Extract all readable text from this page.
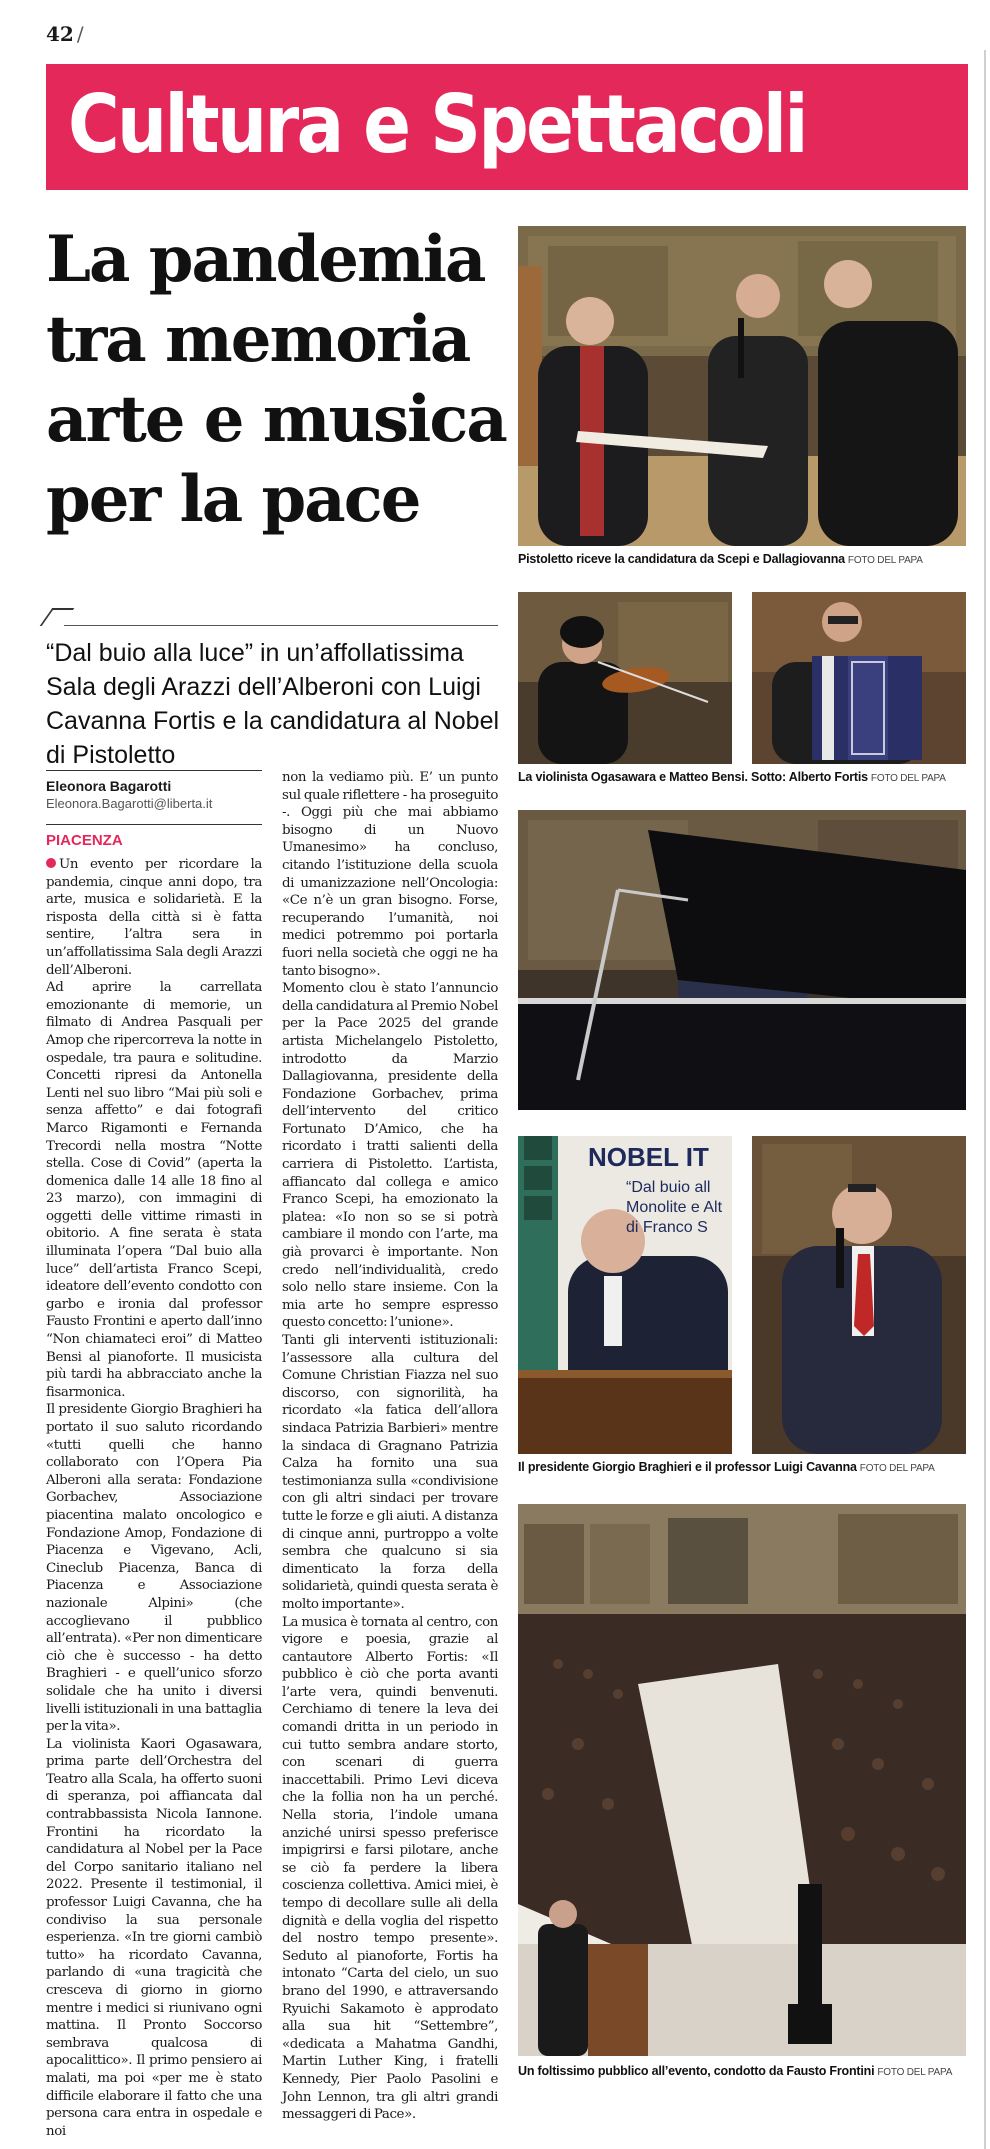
42 /
Cultura e Spettacoli
La pandemia
tra memoria
arte e musica
per la pace
“Dal buio alla luce” in un’affollatissima Sala degli Arazzi dell’Alberoni con Luigi Cavanna Fortis e la candidatura al Nobel di Pistoletto
Eleonora Bagarotti
Eleonora.Bagarotti@liberta.it
PIACENZA

Un evento per ricordare la pandemia, cinque anni dopo, tra arte, musica e solidarietà. E la risposta della città si è fatta sentire, l’altra sera in un’affollatissima Sala degli Arazzi dell’Alberoni.

Ad aprire la carrellata emozionante di memorie, un filmato di Andrea Pasquali per Amop che ripercorreva la notte in ospedale, tra paura e solitudine. Concetti ripresi da Antonella Lenti nel suo libro “Mai più soli e senza affetto” e dai fotografi Marco Rigamonti e Fernanda Trecordi nella mostra “Notte stella. Cose di Covid” (aperta la domenica dalle 14 alle 18 fino al 23 marzo), con immagini di oggetti delle vittime rimasti in obitorio. A fine serata è stata illuminata l’opera “Dal buio alla luce” dell’artista Franco Scepi, ideatore dell’evento condotto con garbo e ironia dal professor Fausto Frontini e aperto dall’inno “Non chiamateci eroi” di Matteo Bensi al pianoforte. Il musicista più tardi ha abbracciato anche la fisarmonica.

Il presidente Giorgio Braghieri ha portato il suo saluto ricordando «tutti quelli che hanno collaborato con l’Opera Pia Alberoni alla serata: Fondazione Gorbachev, Associazione piacentina malato oncologico e Fondazione Amop, Fondazione di Piacenza e Vigevano, Acli, Cineclub Piacenza, Banca di Piacenza e Associazione nazionale Alpini» (che accoglievano il pubblico all’entrata). «Per non dimenticare ciò che è successo - ha detto Braghieri - e quell’unico sforzo solidale che ha unito i diversi livelli istituzionali in una battaglia per la vita».

La violinista Kaori Ogasawara, prima parte dell’Orchestra del Teatro alla Scala, ha offerto suoni di speranza, poi affiancata dal contrabbassista Nicola Iannone. Frontini ha ricordato la candidatura al Nobel per la Pace del Corpo sanitario italiano nel 2022. Presente il testimonial, il professor Luigi Cavanna, che ha condiviso la sua personale esperienza. «In tre giorni cambiò tutto» ha ricordato Cavanna, parlando di «una tragicità che cresceva di giorno in giorno mentre i medici si riunivano ogni mattina. Il Pronto Soccorso sembrava qualcosa di apocalittico». Il primo pensiero ai malati, ma poi «per me è stato difficile elaborare il fatto che una persona cara entra in ospedale e noi

non la vediamo più. E’ un punto sul quale riflettere - ha proseguito -. Oggi più che mai abbiamo bisogno di un Nuovo Umanesimo» ha concluso, citando l’istituzione della scuola di umanizzazione nell’Oncologia: «Ce n’è un gran bisogno. Forse, recuperando l’umanità, noi medici potremmo poi portarla fuori nella società che oggi ne ha tanto bisogno».

Momento clou è stato l’annuncio della candidatura al Premio Nobel per la Pace 2025 del grande artista Michelangelo Pistoletto, introdotto da Marzio Dallagiovanna, presidente della Fondazione Gorbachev, prima dell’intervento del critico Fortunato D’Amico, che ha ricordato i tratti salienti della carriera di Pistoletto. L’artista, affiancato dal collega e amico Franco Scepi, ha emozionato la platea: «Io non so se si potrà cambiare il mondo con l’arte, ma già provarci è importante. Non credo nell’individualità, credo solo nello stare insieme. Con la mia arte ho sempre espresso questo concetto: l’unione».

Tanti gli interventi istituzionali: l’assessore alla cultura del Comune Christian Fiazza nel suo discorso, con signorilità, ha ricordato «la fatica dell’allora sindaca Patrizia Barbieri» mentre la sindaca di Gragnano Patrizia Calza ha fornito una sua testimonianza sulla «condivisione con gli altri sindaci per trovare tutte le forze e gli aiuti. A distanza di cinque anni, purtroppo a volte sembra che qualcuno si sia dimenticato la forza della solidarietà, quindi questa serata è molto importante».

La musica è tornata al centro, con vigore e poesia, grazie al cantautore Alberto Fortis: «Il pubblico è ciò che porta avanti l’arte vera, quindi benvenuti. Cerchiamo di tenere la leva dei comandi dritta in un periodo in cui tutto sembra andare storto, con scenari di guerra inaccettabili. Primo Levi diceva che la follia non ha un perché. Nella storia, l’indole umana anziché unirsi spesso preferisce impigrirsi e farsi pilotare, anche se ciò fa perdere la libera coscienza collettiva. Amici miei, è tempo di decollare sulle ali della dignità e della voglia del rispetto del nostro tempo presente». Seduto al pianoforte, Fortis ha intonato “Carta del cielo, un suo brano del 1990, e attraversando Ryuichi Sakamoto è approdato alla sua hit “Settembre”, «dedicata a Mahatma Gandhi, Martin Luther King, i fratelli Kennedy, Pier Paolo Pasolini e John Lennon, tra gli altri grandi messaggeri di Pace».

Pistoletto riceve la candidatura da Scepi e Dallagiovanna FOTO DEL PAPA
La violinista Ogasawara e Matteo Bensi. Sotto: Alberto Fortis FOTO DEL PAPA
NOBEL IT
“Dal buio all
Monolite e Alt
di Franco S
Il presidente Giorgio Braghieri e il professor Luigi Cavanna FOTO DEL PAPA
Un foltissimo pubblico all’evento, condotto da Fausto Frontini FOTO DEL PAPA
